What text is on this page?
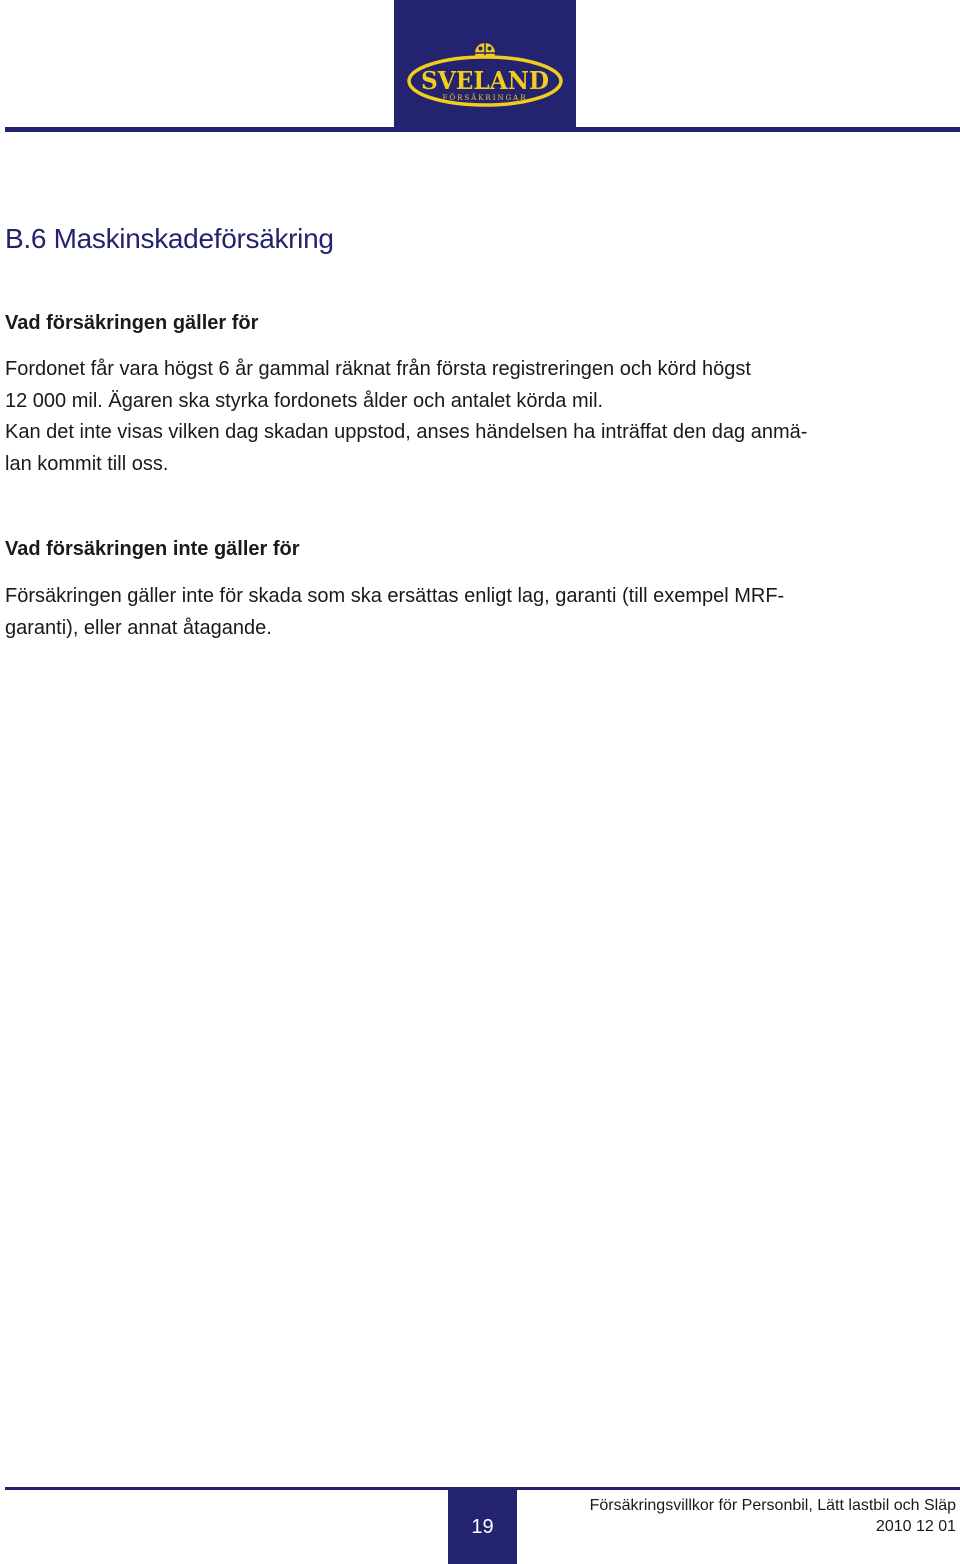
SVELAND
FÖRSÄKRINGAR
B.6 Maskinskadeförsäkring
Vad försäkringen gäller för

Fordonet får vara högst 6 år gammal räknat från första registreringen och körd högst
12 000 mil. Ägaren ska styrka fordonets ålder och antalet körda mil.
Kan det inte visas vilken dag skadan uppstod, anses händelsen ha inträffat den dag anmä-
lan kommit till oss.

Vad försäkringen inte gäller för

Försäkringen gäller inte för skada som ska ersättas enligt lag, garanti (till exempel MRF-
garanti), eller annat åtagande.

19
Försäkringsvillkor för Personbil, Lätt lastbil och Släp
2010 12 01
